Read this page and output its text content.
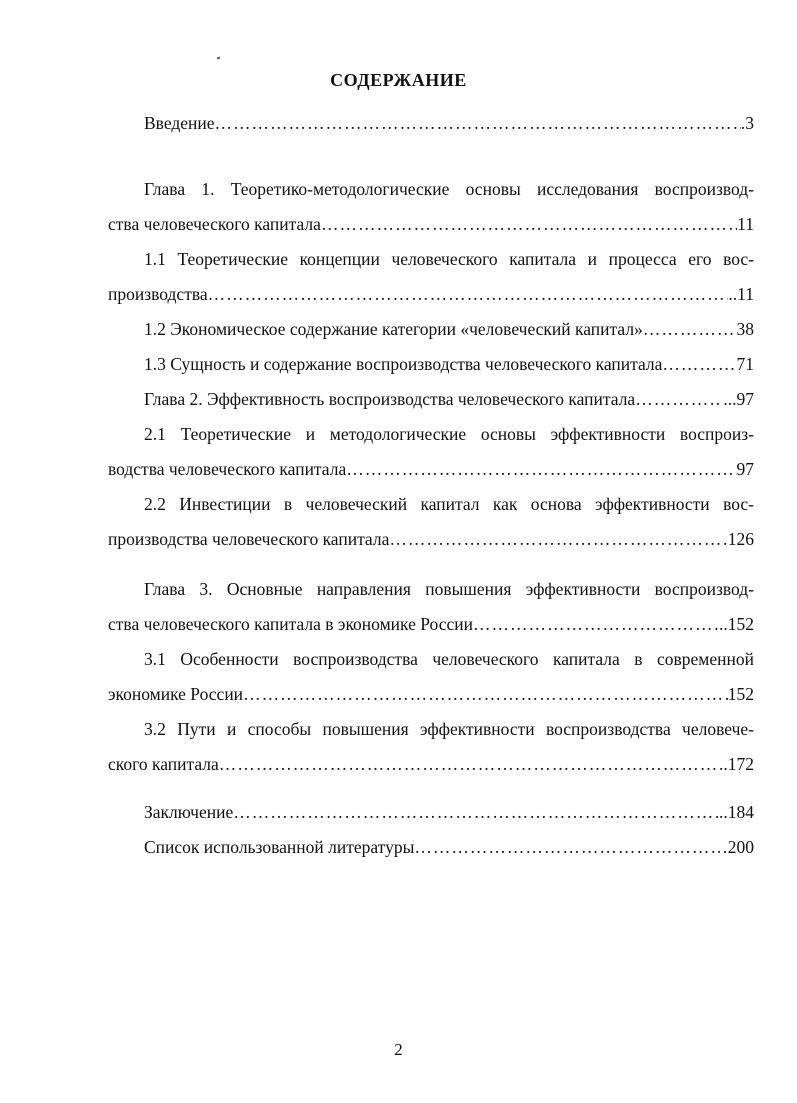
СОДЕРЖАНИЕ
Введение …………………………………………………………………………………………………………………………………………	.3
Глава 1. Теоретико-методологические основы исследования воспроизвод-
ства человеческого капитала …………………………………………………………………………………………………………………………………………	11
1.1 Теоретические концепции человеческого капитала и процесса его вос-
производства …………………………………………………………………………………………………………………………………………	..11
1.2 Экономическое содержание категории «человеческий капитал» …………………………………………………………………………………………………………………………………………	38
1.3 Сущность и содержание воспроизводства человеческого капитала …………………………………………………………………………………………………………………………………………	71
Глава 2. Эффективность воспроизводства человеческого капитала …………………………………………………………………………………………………………………………………………	...97
2.1 Теоретические и методологические основы эффективности воспроиз-
водства человеческого капитала …………………………………………………………………………………………………………………………………………	97
2.2 Инвестиции в человеческий капитал как основа эффективности вос-
производства человеческого капитала …………………………………………………………………………………………………………………………………………	126
Глава 3. Основные направления повышения эффективности воспроизвод-
ства человеческого капитала в экономике России …………………………………………………………………………………………………………………………………………	..152
3.1 Особенности воспроизводства человеческого капитала в современной
экономике России …………………………………………………………………………………………………………………………………………	152
3.2 Пути и способы повышения эффективности воспроизводства человече-
ского капитала …………………………………………………………………………………………………………………………………………	..172
Заключение …………………………………………………………………………………………………………………………………………	..184
Список использованной литературы …………………………………………………………………………………………………………………………………………	200
2
